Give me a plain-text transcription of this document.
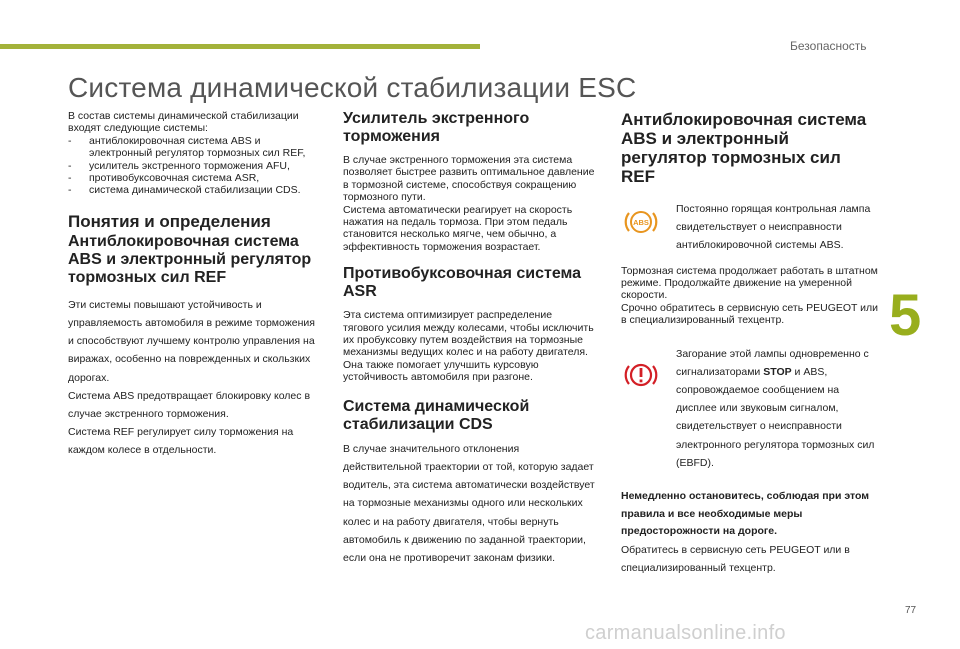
Безопасность
5
77
carmanualsonline.info
Система динамической стабилизации ESC

В состав системы динамической стабилизации входят следующие системы:

- антиблокировочная система ABS и электронный регулятор тормозных сил REF,
- усилитель экстренного торможения AFU,
- противобуксовочная система ASR,
- система динамической стабилизации CDS.
Понятия и определения
Антиблокировочная система ABS и электронный регулятор тормозных сил REF

Эти системы повышают устойчивость и управляемость автомобиля в режиме торможения и способствуют лучшему контролю управления на виражах, особенно на поврежденных и скользких дорогах.
Система ABS предотвращает блокировку колес в случае экстренного торможения.
Система REF регулирует силу торможения на каждом колесе в отдельности.

Усилитель экстренного торможения

В случае экстренного торможения эта система позволяет быстрее развить оптимальное давление в тормозной системе, способствуя сокращению тормозного пути.
Система автоматически реагирует на скорость нажатия на педаль тормоза. При этом педаль становится несколько мягче, чем обычно, а эффективность торможения возрастает.

Противобуксовочная система ASR

Эта система оптимизирует распределение тягового усилия между колесами, чтобы исключить их пробуксовку путем воздействия на тормозные механизмы ведущих колес и на работу двигателя. Она также помогает улучшить курсовую устойчивость автомобиля при разгоне.

Система динамической стабилизации CDS

В случае значительного отклонения действительной траектории от той, которую задает водитель, эта система автоматически воздействует на тормозные механизмы одного или нескольких колес и на работу двигателя, чтобы вернуть автомобиль к движению по заданной траектории, если она не противоречит законам физики.

Антиблокировочная система ABS и электронный регулятор тормозных сил REF
ABS
Постоянно горящая контрольная лампа свидетельствует о неисправности антиблокировочной системы ABS.

Тормозная система продолжает работать в штатном режиме. Продолжайте движение на умеренной скорости.
Срочно обратитесь в сервисную сеть PEUGEOT или в специализированный техцентр.

Загорание этой лампы одновременно с сигнализаторами STOP и ABS, сопровождаемое сообщением на дисплее или звуковым сигналом, свидетельствует о неисправности электронного регулятора тормозных сил (EBFD).

Немедленно остановитесь, соблюдая при этом правила и все необходимые меры предосторожности на дороге.

Обратитесь в сервисную сеть PEUGEOT или в специализированный техцентр.
